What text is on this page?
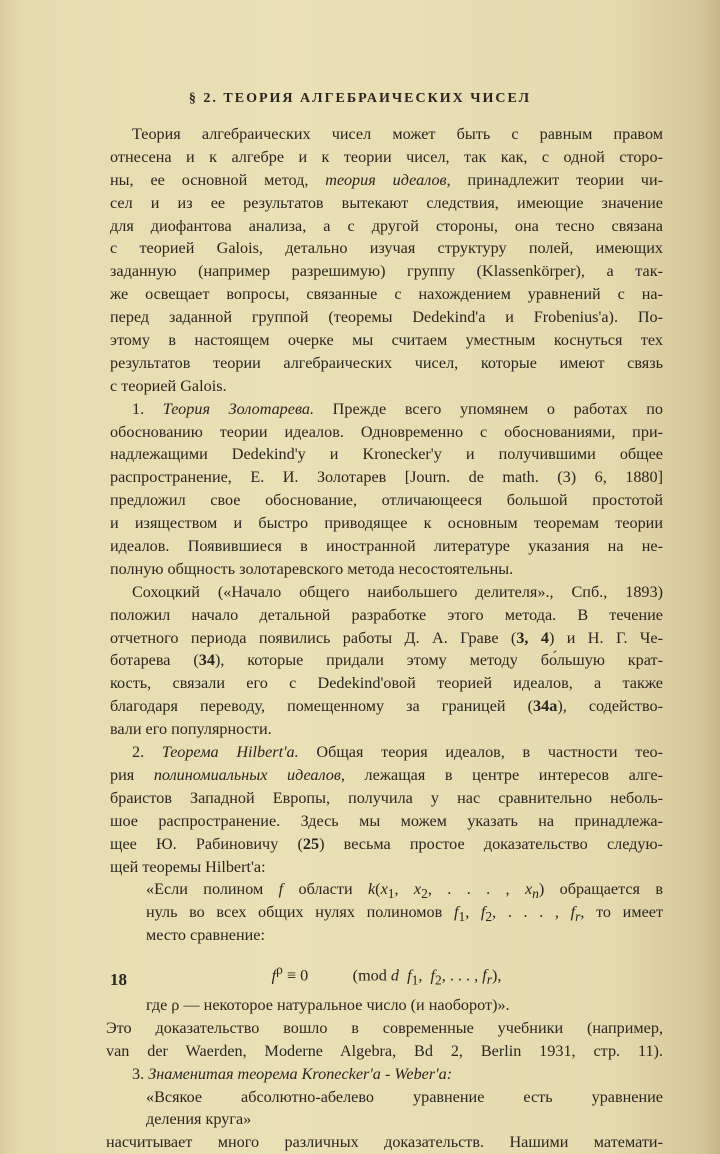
§ 2. ТЕОРИЯ АЛГЕБРАИЧЕСКИХ ЧИСЕЛ
Теория алгебраических чисел может быть с равным правом
отнесена и к алгебре и к теории чисел, так как, с одной сторо-
ны, ее основной метод, теория идеалов, принадлежит теории чи-
сел и из ее результатов вытекают следствия, имеющие значение
для диофантова анализа, а с другой стороны, она тесно связана
с теорией Galois, детально изучая структуру полей, имеющих
заданную (например разрешимую) группу (Klassenkörper), а так-
же освещает вопросы, связанные с нахождением уравнений с на-
перед заданной группой (теоремы Dedekind'a и Frobenius'a). По-
этому в настоящем очерке мы считаем уместным коснуться тех
результатов теории алгебраических чисел, которые имеют связь
с теорией Galois.
1. Теория Золотарева. Прежде всего упомянем о работах по
обоснованию теории идеалов. Одновременно с обоснованиями, при-
надлежащими Dedekind'у и Kronecker'у и получившими общее
распространение, Е. И. Золотарев [Journ. de math. (3) 6, 1880]
предложил свое обоснование, отличающееся большой простотой
и изяществом и быстро приводящее к основным теоремам теории
идеалов. Появившиеся в иностранной литературе указания на не-
полную общность золотаревского метода несостоятельны.
Сохоцкий («Начало общего наибольшего делителя»., Спб., 1893)
положил начало детальной разработке этого метода. В течение
отчетного периода появились работы Д. А. Граве (3, 4) и Н. Г. Че-
ботарева (34), которые придали этому методу бо́льшую крат-
кость, связали его с Dedekind'овой теорией идеалов, а также
благодаря переводу, помещенному за границей (34а), содейство-
вали его популярности.
2. Теорема Hilbert'a. Общая теория идеалов, в частности тео-
рия полиномиальных идеалов, лежащая в центре интересов алге-
браистов Западной Европы, получила у нас сравнительно неболь-
шое распространение. Здесь мы можем указать на принадлежа-
щее Ю. Рабиновичу (25) весьма простое доказательство следую-
щей теоремы Hilbert'a:
«Если полином f области $k(x_1$, $x_2$, . . . , $x_n$) обращается в
нуль во всех общих нулях полиномов $f_1$, $f_2$, . . . , $f_r$, то имеет
место сравнение:
$f^\rho \equiv 0$           (mod d $f_1$,  $f_2$, . . . , $f_r$),
где ρ — некоторое натуральное число (и наоборот)».
Это доказательство вошло в современные учебники (например,
van der Waerden, Moderne Algebra, Bd 2, Berlin 1931, стр. 11).
3. Знаменитая теорема Kronecker'a - Weber'a:
«Всякое абсолютно-абелево уравнение есть уравнение
деления круга»
насчитывает много различных доказательств. Нашими математи-
18
